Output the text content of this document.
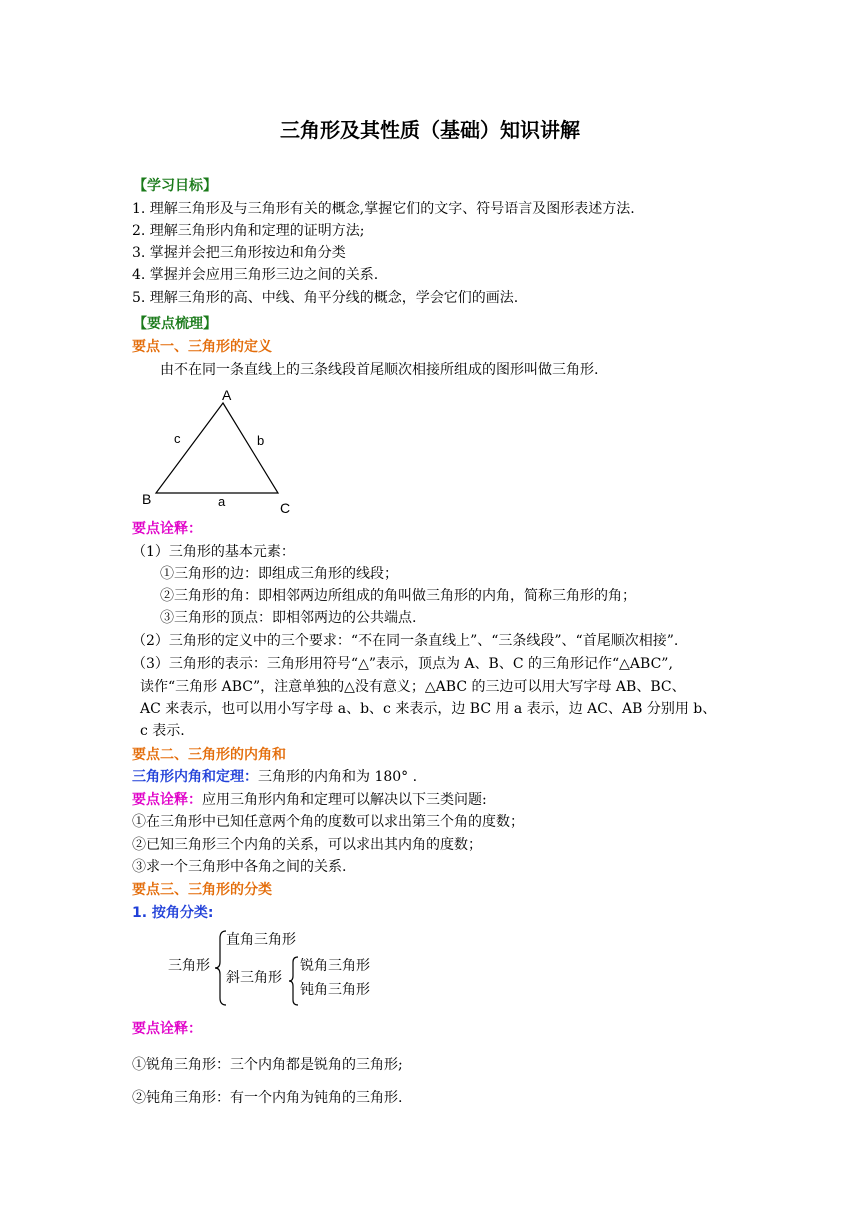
三角形及其性质（基础）知识讲解
【学习目标】
1. 理解三角形及与三角形有关的概念,掌握它们的文字、符号语言及图形表述方法.
2. 理解三角形内角和定理的证明方法;
3. 掌握并会把三角形按边和角分类
4. 掌握并会应用三角形三边之间的关系.
5. 理解三角形的高、中线、角平分线的概念，学会它们的画法.
【要点梳理】
要点一、三角形的定义
由不在同一条直线上的三条线段首尾顺次相接所组成的图形叫做三角形.
A
B
C
a
b
c
要点诠释：
（1）三角形的基本元素：
①三角形的边：即组成三角形的线段；
②三角形的角：即相邻两边所组成的角叫做三角形的内角，简称三角形的角；
③三角形的顶点：即相邻两边的公共端点.
（2）三角形的定义中的三个要求：“不在同一条直线上”、“三条线段”、“首尾顺次相接”.
（3）三角形的表示：三角形用符号“△”表示，顶点为 A、B、C 的三角形记作“△ABC”,
读作“三角形 ABC”，注意单独的△没有意义；△ABC 的三边可以用大写字母 AB、BC、
AC 来表示，也可以用小写字母 a、b、c 来表示，边 BC 用 a 表示，边 AC、AB 分别用 b、
c 表示.
要点二、三角形的内角和
三角形内角和定理：三角形的内角和为 180° .
要点诠释：应用三角形内角和定理可以解决以下三类问题:
①在三角形中已知任意两个角的度数可以求出第三个角的度数；
②已知三角形三个内角的关系，可以求出其内角的度数；
③求一个三角形中各角之间的关系.
要点三、三角形的分类
1. 按角分类:
三角形
直角三角形
斜三角形
锐角三角形
钝角三角形
要点诠释：
①锐角三角形：三个内角都是锐角的三角形;
②钝角三角形：有一个内角为钝角的三角形.
